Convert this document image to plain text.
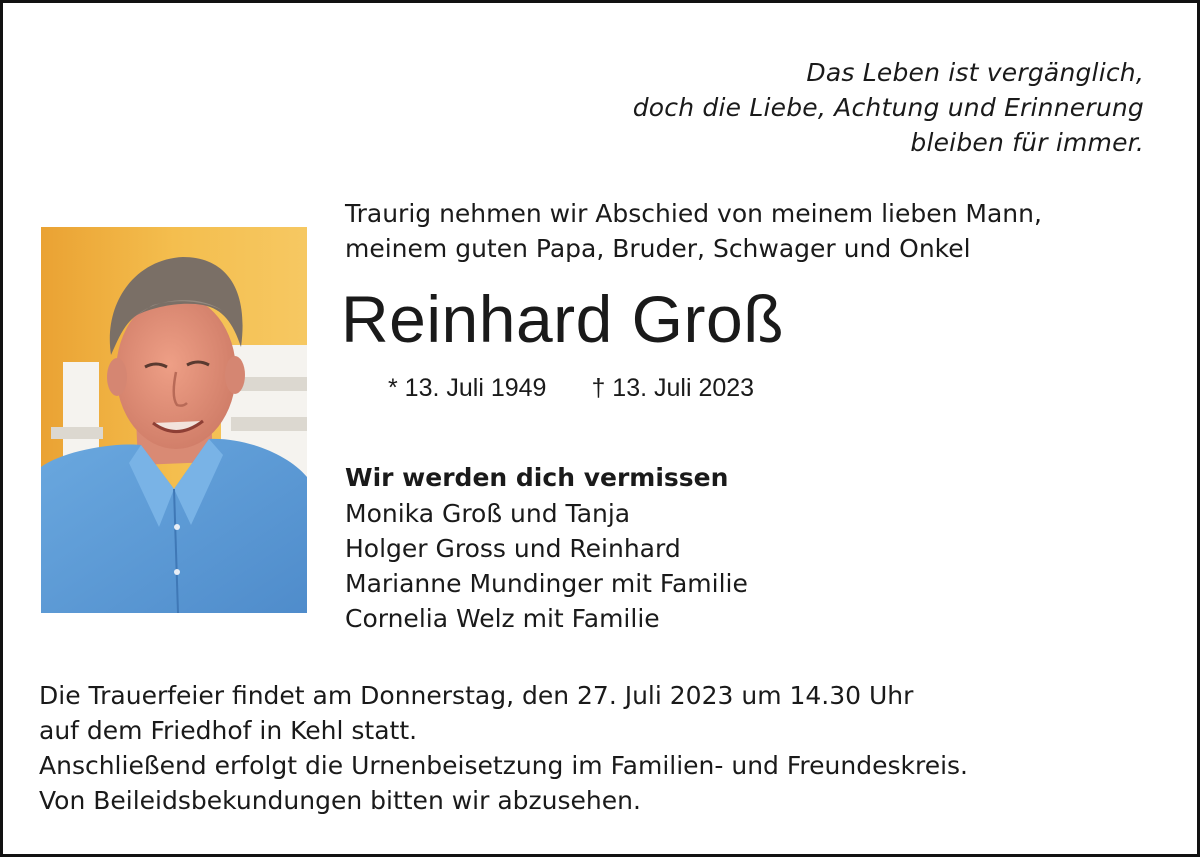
Das Leben ist vergänglich,
doch die Liebe, Achtung und Erinnerung
bleiben für immer.
Traurig nehmen wir Abschied von meinem lieben Mann,
meinem guten Papa, Bruder, Schwager und Onkel
Reinhard Groß
* 13. Juli 1949 † 13. Juli 2023
Wir werden dich vermissen
Monika Groß und Tanja
Holger Gross und Reinhard
Marianne Mundinger mit Familie
Cornelia Welz mit Familie
Die Trauerfeier findet am Donnerstag, den 27. Juli 2023 um 14.30 Uhr
auf dem Friedhof in Kehl statt.
Anschließend erfolgt die Urnenbeisetzung im Familien- und Freundeskreis.
Von Beileidsbekundungen bitten wir abzusehen.
